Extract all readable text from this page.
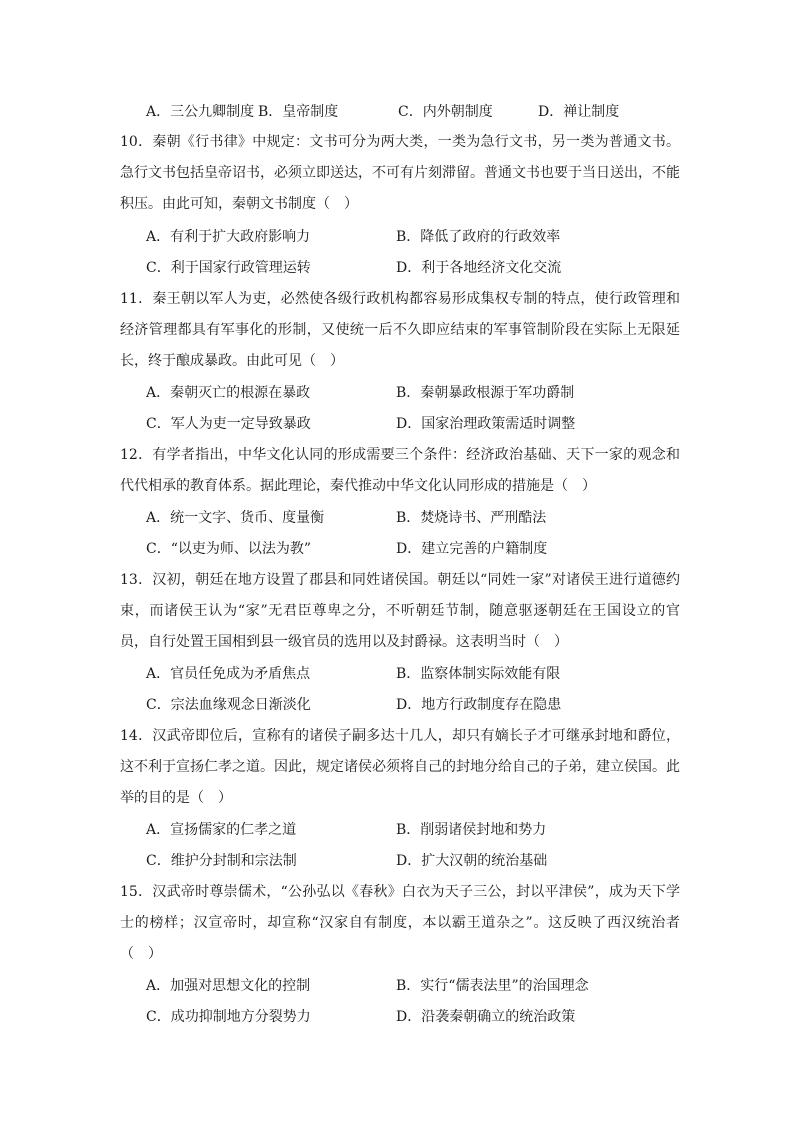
A．三公九卿制度 B．皇帝制度	C．内外朝制度	D．禅让制度

10．秦朝《行书律》中规定：文书可分为两大类，一类为急行文书，另一类为普通文书。急行文书包括皇帝诏书，必须立即送达，不可有片刻滞留。普通文书也要于当日送出，不能积压。由此可知，秦朝文书制度（　）

A．有利于扩大政府影响力	B．降低了政府的行政效率
C．利于国家行政管理运转	D．利于各地经济文化交流

11．秦王朝以军人为吏，必然使各级行政机构都容易形成集权专制的特点，使行政管理和经济管理都具有军事化的形制，又使统一后不久即应结束的军事管制阶段在实际上无限延长，终于酿成暴政。由此可见（　）

A．秦朝灭亡的根源在暴政	B．秦朝暴政根源于军功爵制
C．军人为吏一定导致暴政	D．国家治理政策需适时调整

12．有学者指出，中华文化认同的形成需要三个条件：经济政治基础、天下一家的观念和代代相承的教育体系。据此理论，秦代推动中华文化认同形成的措施是（　）

A．统一文字、货币、度量衡	B．焚烧诗书、严刑酷法
C．“以吏为师、以法为教”	D．建立完善的户籍制度

13．汉初，朝廷在地方设置了郡县和同姓诸侯国。朝廷以“同姓一家”对诸侯王进行道德约束，而诸侯王认为“家”无君臣尊卑之分，不听朝廷节制，随意驱逐朝廷在王国设立的官员，自行处置王国相到县一级官员的选用以及封爵禄。这表明当时（　）

A．官员任免成为矛盾焦点	B．监察体制实际效能有限
C．宗法血缘观念日渐淡化	D．地方行政制度存在隐患

14．汉武帝即位后，宣称有的诸侯子嗣多达十几人，却只有嫡长子才可继承封地和爵位，这不利于宣扬仁孝之道。因此，规定诸侯必须将自己的封地分给自己的子弟，建立侯国。此举的目的是（　）

A．宣扬儒家的仁孝之道	B．削弱诸侯封地和势力
C．维护分封制和宗法制	D．扩大汉朝的统治基础

15．汉武帝时尊崇儒术，“公孙弘以《春秋》白衣为天子三公，封以平津侯”，成为天下学士的榜样；汉宣帝时，却宣称“汉家自有制度，本以霸王道杂之”。这反映了西汉统治者（　）

A．加强对思想文化的控制	B．实行“儒表法里”的治国理念
C．成功抑制地方分裂势力	D．沿袭秦朝确立的统治政策
